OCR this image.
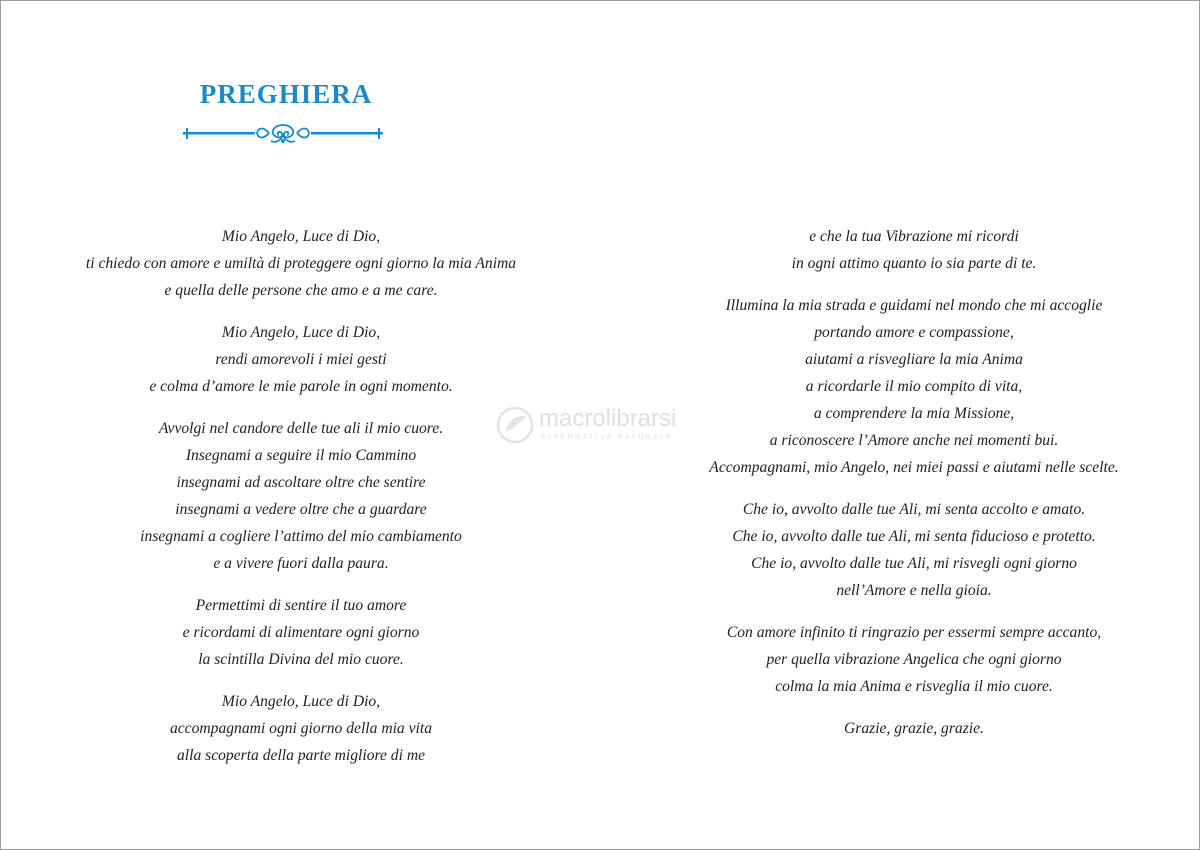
PREGHIERA

Mio Angelo, Luce di Dio,
ti chiedo con amore e umiltà di proteggere ogni giorno la mia Anima
e quella delle persone che amo e a me care.

Mio Angelo, Luce di Dio,
rendi amorevoli i miei gesti
e colma d’amore le mie parole in ogni momento.

Avvolgi nel candore delle tue ali il mio cuore.
Insegnami a seguire il mio Cammino
insegnami ad ascoltare oltre che sentire
insegnami a vedere oltre che a guardare
insegnami a cogliere l’attimo del mio cambiamento
e a vivere fuori dalla paura.

Permettimi di sentire il tuo amore
e ricordami di alimentare ogni giorno
la scintilla Divina del mio cuore.

Mio Angelo, Luce di Dio,
accompagnami ogni giorno della mia vita
alla scoperta della parte migliore di me

e che la tua Vibrazione mi ricordi
in ogni attimo quanto io sia parte di te.

Illumina la mia strada e guidami nel mondo che mi accoglie
portando amore e compassione,
aiutami a risvegliare la mia Anima
a ricordarle il mio compito di vita,
a comprendere la mia Missione,
a riconoscere l’Amore anche nei momenti bui.
Accompagnami, mio Angelo, nei miei passi e aiutami nelle scelte.

Che io, avvolto dalle tue Ali, mi senta accolto e amato.
Che io, avvolto dalle tue Ali, mi senta fiducioso e protetto.
Che io, avvolto dalle tue Ali, mi risvegli ogni giorno
nell’Amore e nella gioia.

Con amore infinito ti ringrazio per essermi sempre accanto,
per quella vibrazione Angelica che ogni giorno
colma la mia Anima e risveglia il mio cuore.

Grazie, grazie, grazie.

macrolibrarsi
ALTERNATIVA NATURALE
